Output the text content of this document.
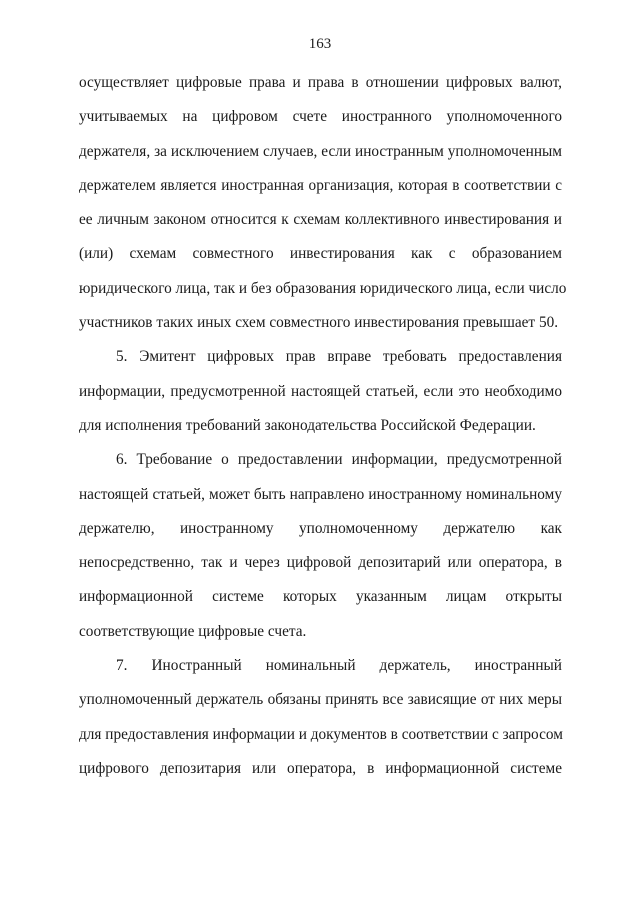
163
осуществляет цифровые права и права в отношении цифровых валют,
учитываемых на цифровом счете иностранного уполномоченного
держателя, за исключением случаев, если иностранным уполномоченным
держателем является иностранная организация, которая в соответствии с
ее личным законом относится к схемам коллективного инвестирования и
(или) схемам совместного инвестирования как с образованием
юридического лица, так и без образования юридического лица, если число
участников таких иных схем совместного инвестирования превышает 50.
5. Эмитент цифровых прав вправе требовать предоставления
информации, предусмотренной настоящей статьей, если это необходимо
для исполнения требований законодательства Российской Федерации.
6. Требование о предоставлении информации, предусмотренной
настоящей статьей, может быть направлено иностранному номинальному
держателю, иностранному уполномоченному держателю как
непосредственно, так и через цифровой депозитарий или оператора, в
информационной системе которых указанным лицам открыты
соответствующие цифровые счета.
7. Иностранный номинальный держатель, иностранный
уполномоченный держатель обязаны принять все зависящие от них меры
для предоставления информации и документов в соответствии с запросом
цифрового депозитария или оператора, в информационной системе
